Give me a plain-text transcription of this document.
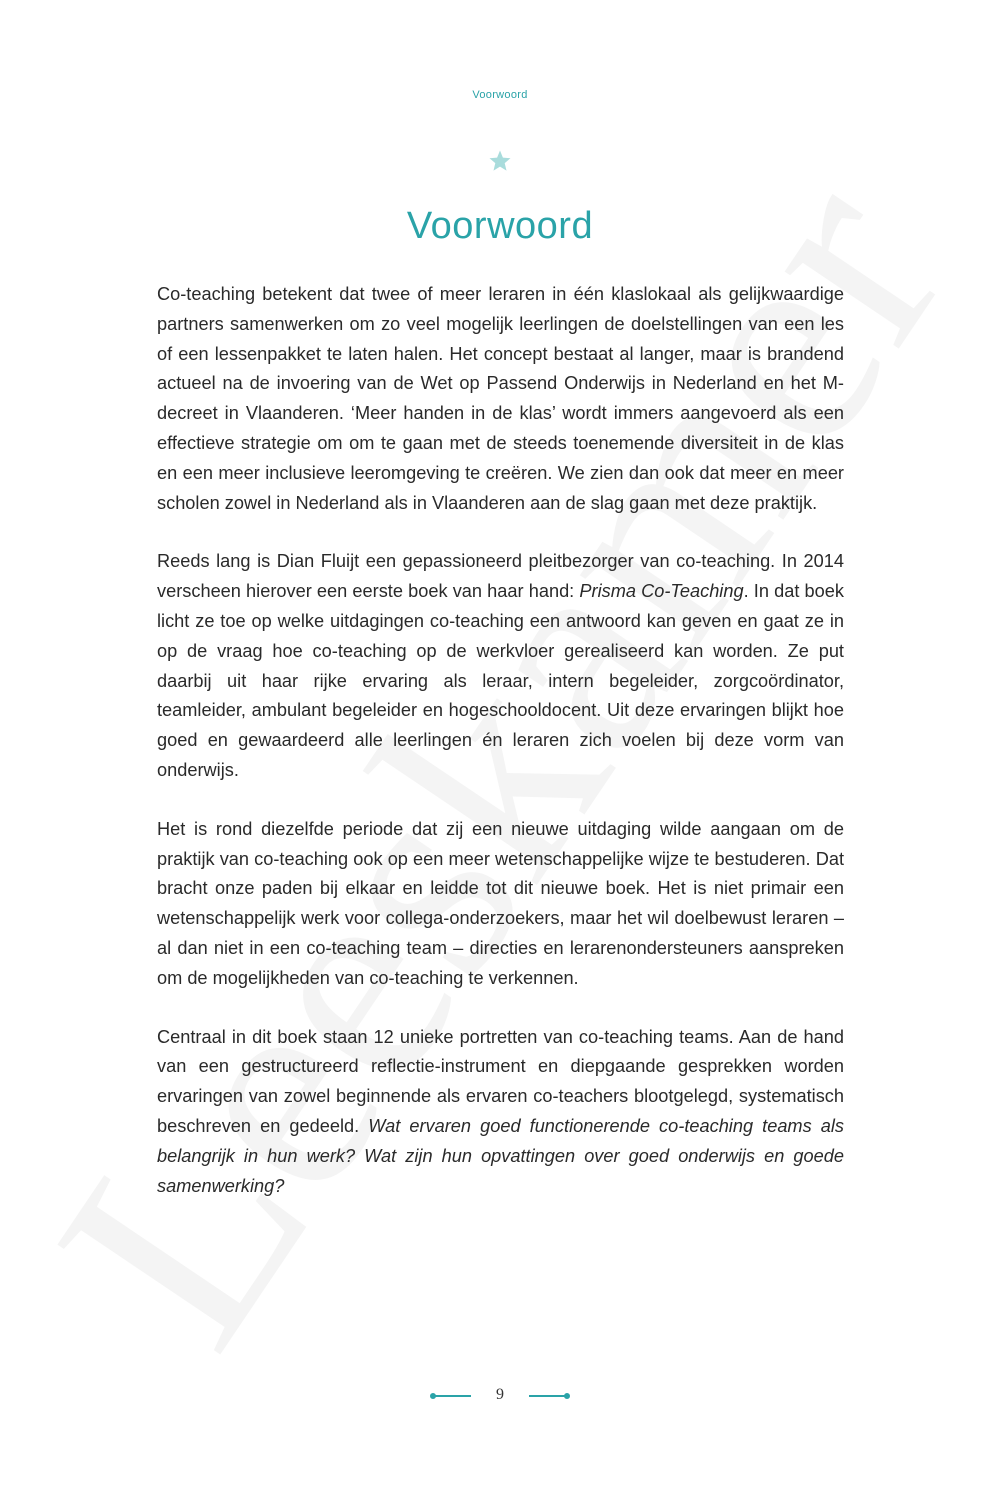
Voorwoord
Voorwoord

Co-teaching betekent dat twee of meer leraren in één klaslokaal als gelijkwaardige partners samenwerken om zo veel mogelijk leerlingen de doelstellingen van een les of een lessenpakket te laten halen. Het concept bestaat al langer, maar is brandend actueel na de invoering van de Wet op Passend Onderwijs in Nederland en het M-decreet in Vlaanderen. ‘Meer handen in de klas’ wordt immers aangevoerd als een effectieve strategie om om te gaan met de steeds toenemende diversiteit in de klas en een meer inclusieve leeromgeving te creëren. We zien dan ook dat meer en meer scholen zowel in Nederland als in Vlaanderen aan de slag gaan met deze praktijk.

Reeds lang is Dian Fluijt een gepassioneerd pleitbezorger van co-teaching. In 2014 verscheen hierover een eerste boek van haar hand: Prisma Co-Teaching. In dat boek licht ze toe op welke uitdagingen co-teaching een antwoord kan geven en gaat ze in op de vraag hoe co-teaching op de werkvloer gerealiseerd kan worden. Ze put daarbij uit haar rijke ervaring als leraar, intern begeleider, zorgcoördinator, teamleider, ambulant begeleider en hogeschooldocent. Uit deze ervaringen blijkt hoe goed en gewaardeerd alle leerlingen én leraren zich voelen bij deze vorm van onderwijs.

Het is rond diezelfde periode dat zij een nieuwe uitdaging wilde aangaan om de praktijk van co-teaching ook op een meer wetenschappelijke wijze te bestuderen. Dat bracht onze paden bij elkaar en leidde tot dit nieuwe boek. Het is niet primair een wetenschappelijk werk voor collega-onderzoekers, maar het wil doelbewust leraren – al dan niet in een co-teaching team – directies en lerarenondersteuners aanspreken om de mogelijkheden van co-teaching te verkennen.

Centraal in dit boek staan 12 unieke portretten van co-teaching teams. Aan de hand van een gestructureerd reflectie-instrument en diepgaande gesprekken worden ervaringen van zowel beginnende als ervaren co-teachers blootgelegd, systematisch beschreven en gedeeld. Wat ervaren goed functionerende co-teaching teams als belangrijk in hun werk? Wat zijn hun opvattingen over goed onderwijs en goede samenwerking?

9
